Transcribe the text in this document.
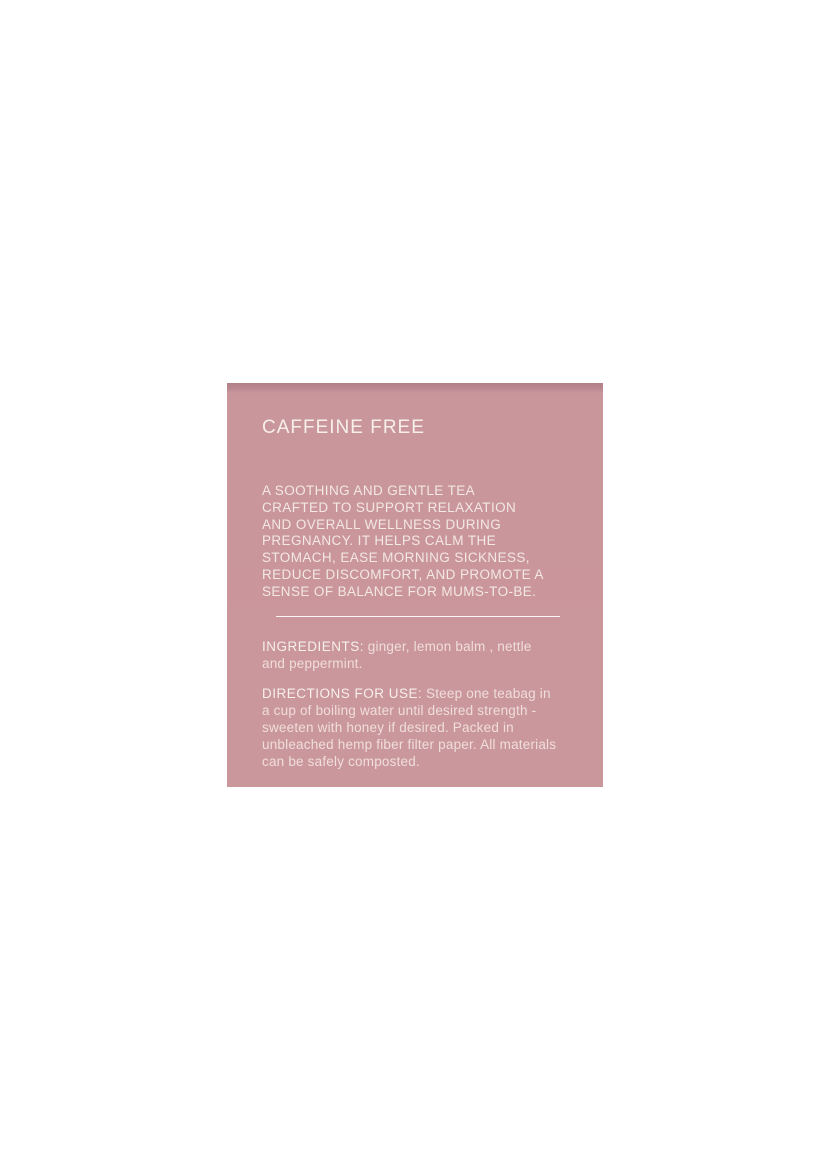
CAFFEINE FREE
A SOOTHING AND GENTLE TEA CRAFTED TO SUPPORT RELAXATION AND OVERALL WELLNESS DURING PREGNANCY. IT HELPS CALM THE STOMACH, EASE MORNING SICKNESS, REDUCE DISCOMFORT, AND PROMOTE A SENSE OF BALANCE FOR MUMS-TO-BE.
INGREDIENTS: ginger, lemon balm , nettle and peppermint.
DIRECTIONS FOR USE: Steep one teabag in a cup of boiling water until desired strength - sweeten with honey if desired. Packed in unbleached hemp fiber filter paper. All materials can be safely composted.
